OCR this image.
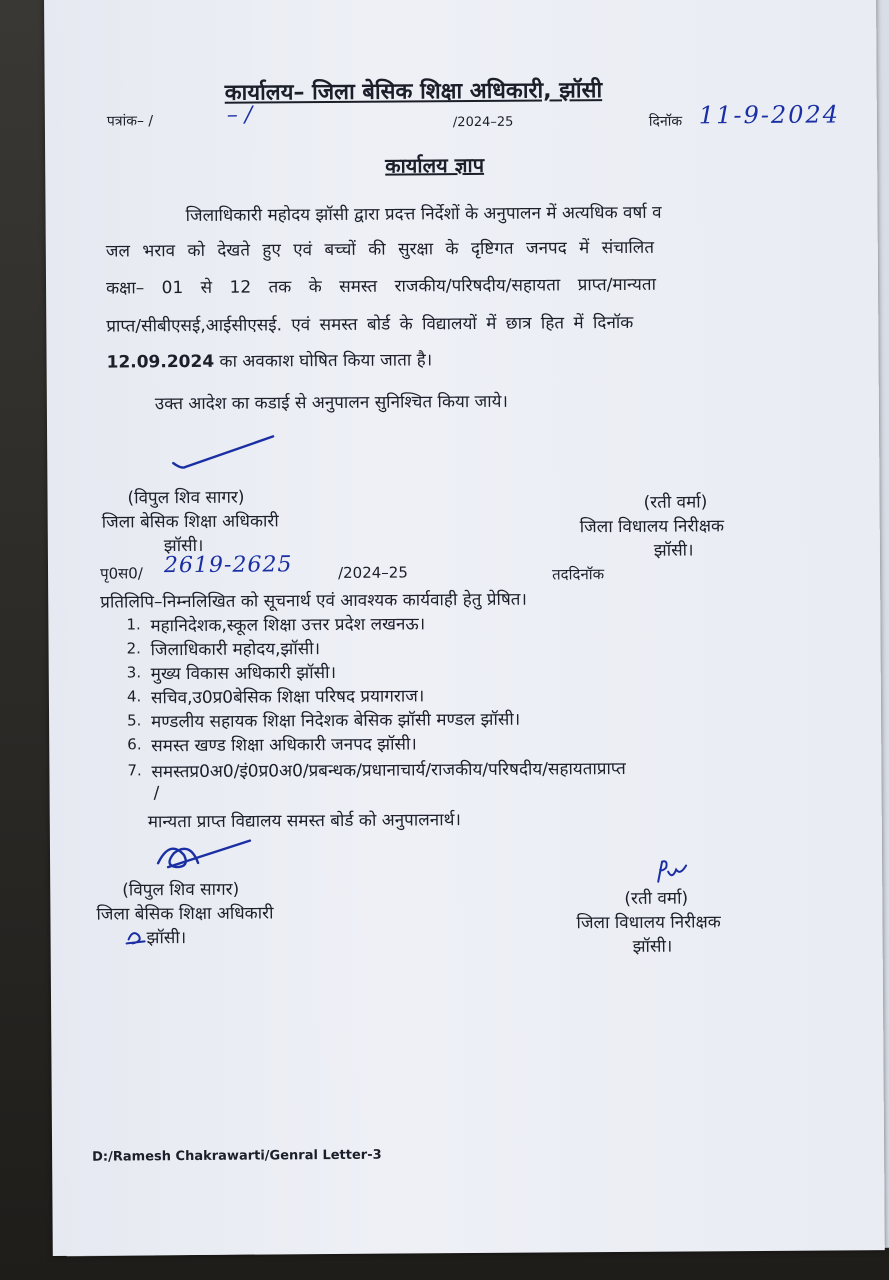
कार्यालय– जिला बेसिक शिक्षा अधिकारी, झॉसी
पत्रांक– /	– /	/2024–25	दिनॉक 11-9-2024
कार्यालय ज्ञाप
जिलाधिकारी महोदय झॉसी द्वारा प्रदत्त निर्देशों के अनुपालन में अत्यधिक वर्षा व
जल भराव को देखते हुए एवं बच्चों की सुरक्षा के दृष्टिगत जनपद में संचालित
कक्षा– 01 से 12 तक के समस्त राजकीय/परिषदीय/सहायता प्राप्त/मान्यता
प्राप्त/सीबीएसई,आईसीएसई. एवं समस्त बोर्ड के विद्यालयों में छात्र हित में दिनॉक
12.09.2024 का अवकाश घोषित किया जाता है।
उक्त आदेश का कडाई से अनुपालन सुनिश्चित किया जाये।
(विपुल शिव सागर)
जिला बेसिक शिक्षा अधिकारी
झॉसी।
(रती वर्मा)
जिला विधालय निरीक्षक
झॉसी।
पृ0स0/ 2619-2625	/2024–25	तददिनॉक
प्रतिलिपि–निम्नलिखित को सूचनार्थ एवं आवश्यक कार्यवाही हेतु प्रेषित।
1. महानिदेशक,स्कूल शिक्षा उत्तर प्रदेश लखनऊ।
2. जिलाधिकारी महोदय,झॉसी।
3. मुख्य विकास अधिकारी झॉसी।
4. सचिव,उ0प्र0बेसिक शिक्षा परिषद प्रयागराज।
5. मण्डलीय सहायक शिक्षा निदेशक बेसिक झॉसी मण्डल झॉसी।
6. समस्त खण्ड शिक्षा अधिकारी जनपद झॉसी।
7. समस्तप्र0अ0/इं0प्र0अ0/प्रबन्धक/प्रधानाचार्य/राजकीय/परिषदीय/सहायताप्राप्त
/
मान्यता प्राप्त विद्यालय समस्त बोर्ड को अनुपालनार्थ।
(विपुल शिव सागर)
जिला बेसिक शिक्षा अधिकारी
झॉसी।
(रती वर्मा)
जिला विधालय निरीक्षक
झॉसी।
D:/Ramesh Chakrawarti/Genral Letter-3
